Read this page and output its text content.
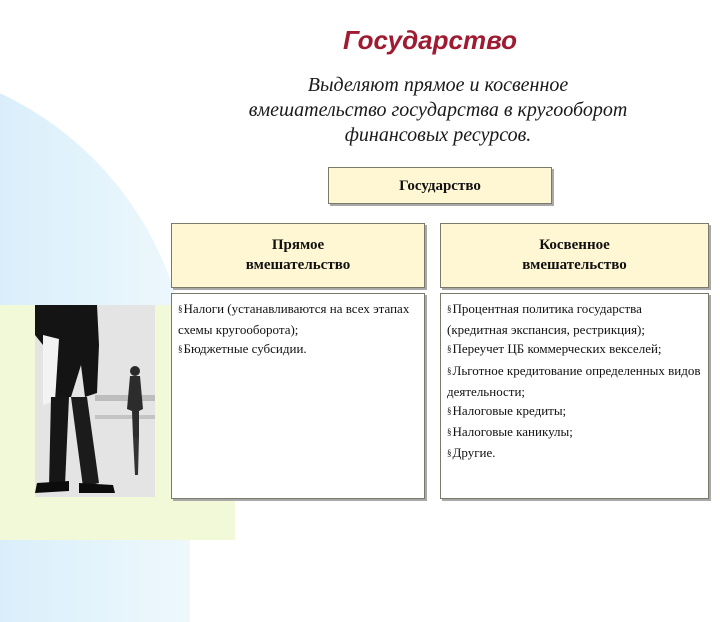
Государство
Выделяют прямое и косвенное
вмешательство государства в кругооборот
финансовых ресурсов.
Государство
Прямое
вмешательство
Косвенное
вмешательство
§Налоги (устанавливаются на всех этапах схемы кругооборота);
§Бюджетные субсидии.
§Процентная политика государства (кредитная экспансия, рестрикция);
§Переучет ЦБ коммерческих векселей;
§Льготное кредитование определенных видов деятельности;
§Налоговые кредиты;
§Налоговые каникулы;
§Другие.
